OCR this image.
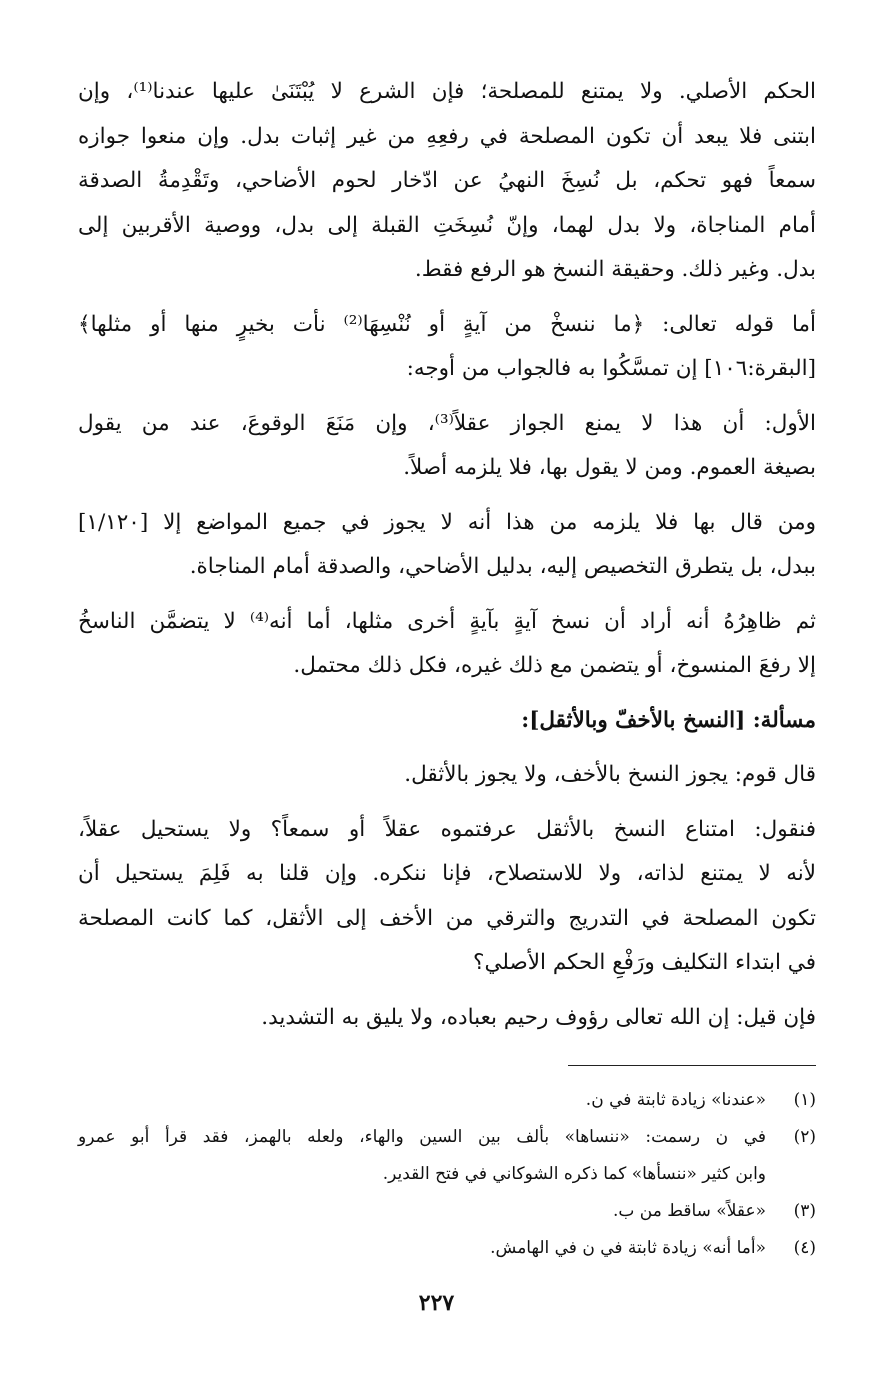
الحكم الأصلي. ولا يمتنع للمصلحة؛ فإن الشرع لا يُبْتَنَىٰ عليها عندنا⁽¹⁾، وإن
ابتنى فلا يبعد أن تكون المصلحة في رفعِهِ من غير إثبات بدل. وإن منعوا جوازه
سمعاً فهو تحكم، بل نُسِخَ النهيُ عن ادّخار لحوم الأضاحي، وتَقْدِمةُ الصدقة
أمام المناجاة، ولا بدل لهما، وإنّ نُسِخَتِ القبلة إلى بدل، ووصية الأقربين إلى
بدل. وغير ذلك. وحقيقة النسخ هو الرفع فقط.
أما قوله تعالى: ﴿ما ننسخْ من آيةٍ أو نُنْسِهَا⁽²⁾ نأت بخيرٍ منها أو مثلها﴾
[البقرة:١٠٦] إن تمسَّكُوا به فالجواب من أوجه:
الأول: أن هذا لا يمنع الجواز عقلاً⁽³⁾، وإن مَنَعَ الوقوعَ، عند من يقول
بصيغة العموم. ومن لا يقول بها، فلا يلزمه أصلاً.
ومن قال بها فلا يلزمه من هذا أنه لا يجوز في جميع المواضع إلا [١/١٢٠]
ببدل، بل يتطرق التخصيص إليه، بدليل الأضاحي، والصدقة أمام المناجاة.
ثم ظاهِرُهُ أنه أراد أن نسخ آيةٍ بآيةٍ أخرى مثلها، أما أنه⁽⁴⁾ لا يتضمَّن الناسخُ
إلا رفعَ المنسوخ، أو يتضمن مع ذلك غيره، فكل ذلك محتمل.
مسألة: [النسخ بالأخفّ وبالأثقل]:
قال قوم: يجوز النسخ بالأخف، ولا يجوز بالأثقل.
فنقول: امتناع النسخ بالأثقل عرفتموه عقلاً أو سمعاً؟ ولا يستحيل عقلاً،
لأنه لا يمتنع لذاته، ولا للاستصلاح، فإنا ننكره. وإن قلنا به فَلِمَ يستحيل أن
تكون المصلحة في التدريج والترقي من الأخف إلى الأثقل، كما كانت المصلحة
في ابتداء التكليف ورَفْعِ الحكم الأصلي؟
فإن قيل: إن الله تعالى رؤوف رحيم بعباده، ولا يليق به التشديد.
(١)
«عندنا» زيادة ثابتة في ن.
(٢)
في ن رسمت: «ننساها» بألف بين السين والهاء، ولعله بالهمز، فقد قرأ أبو عمرو
وابن كثير «ننسأها» كما ذكره الشوكاني في فتح القدير.
(٣)
«عقلاً» ساقط من ب.
(٤)
«أما أنه» زيادة ثابتة في ن في الهامش.
٢٢٧
